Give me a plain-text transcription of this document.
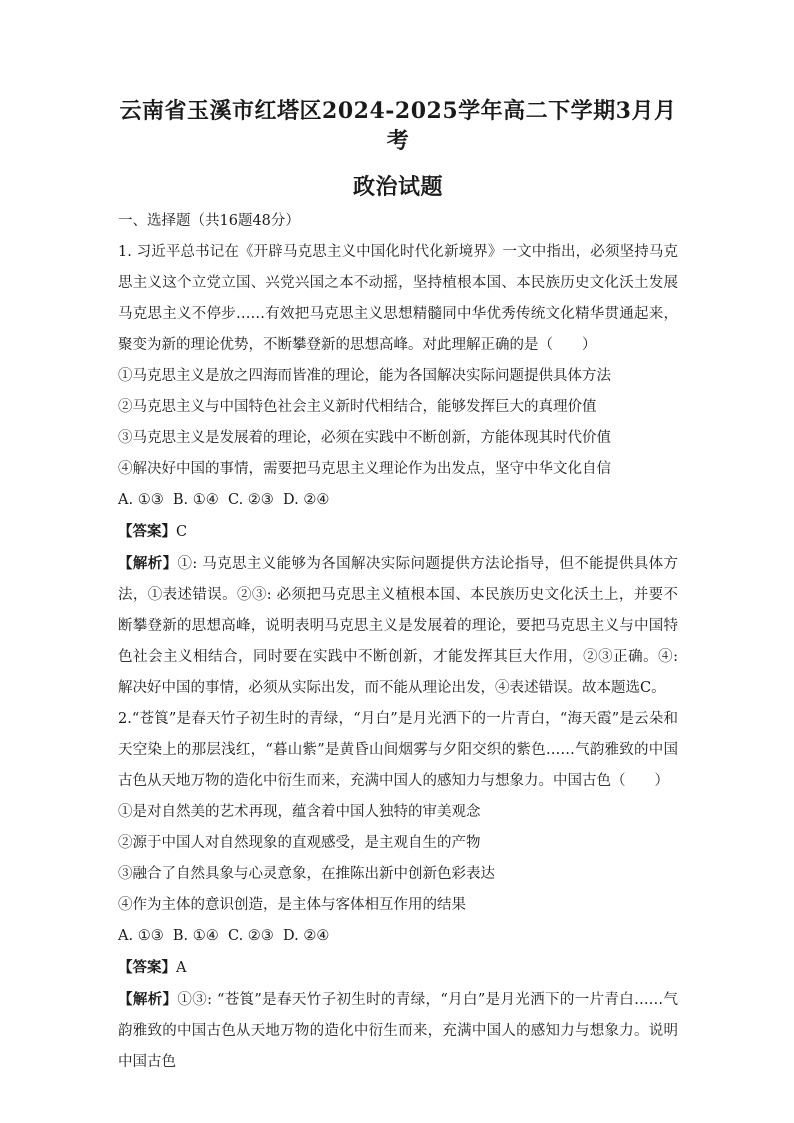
云南省玉溪市红塔区2024-2025学年高二下学期3月月考
政治试题

一、选择题（共16题48分）

1. 习近平总书记在《开辟马克思主义中国化时代化新境界》一文中指出，必须坚持马克思主义这个立党立国、兴党兴国之本不动摇，坚持植根本国、本民族历史文化沃土发展马克思主义不停步……有效把马克思主义思想精髓同中华优秀传统文化精华贯通起来，聚变为新的理论优势，不断攀登新的思想高峰。对此理解正确的是（　　）

①马克思主义是放之四海而皆准的理论，能为各国解决实际问题提供具体方法

②马克思主义与中国特色社会主义新时代相结合，能够发挥巨大的真理价值

③马克思主义是发展着的理论，必须在实践中不断创新，方能体现其时代价值

④解决好中国的事情，需要把马克思主义理论作为出发点，坚守中华文化自信

A. ①③  B. ①④  C. ②③  D. ②④

【答案】C

【解析】①: 马克思主义能够为各国解决实际问题提供方法论指导，但不能提供具体方法，①表述错误。②③: 必须把马克思主义植根本国、本民族历史文化沃土上，并要不断攀登新的思想高峰，说明表明马克思主义是发展着的理论，要把马克思主义与中国特色社会主义相结合，同时要在实践中不断创新，才能发挥其巨大作用，②③正确。④: 解决好中国的事情，必须从实际出发，而不能从理论出发，④表述错误。故本题选C。

2.“苍筤”是春天竹子初生时的青绿，“月白”是月光洒下的一片青白，“海天霞”是云朵和天空染上的那层浅红，“暮山紫”是黄昏山间烟雾与夕阳交织的紫色……气韵雅致的中国古色从天地万物的造化中衍生而来，充满中国人的感知力与想象力。中国古色（　　）

①是对自然美的艺术再现，蕴含着中国人独特的审美观念

②源于中国人对自然现象的直观感受，是主观自生的产物

③融合了自然具象与心灵意象，在推陈出新中创新色彩表达

④作为主体的意识创造，是主体与客体相互作用的结果

A. ①③  B. ①④  C. ②③  D. ②④

【答案】A

【解析】①③: “苍筤”是春天竹子初生时的青绿，“月白”是月光洒下的一片青白……气韵雅致的中国古色从天地万物的造化中衍生而来，充满中国人的感知力与想象力。说明中国古色
